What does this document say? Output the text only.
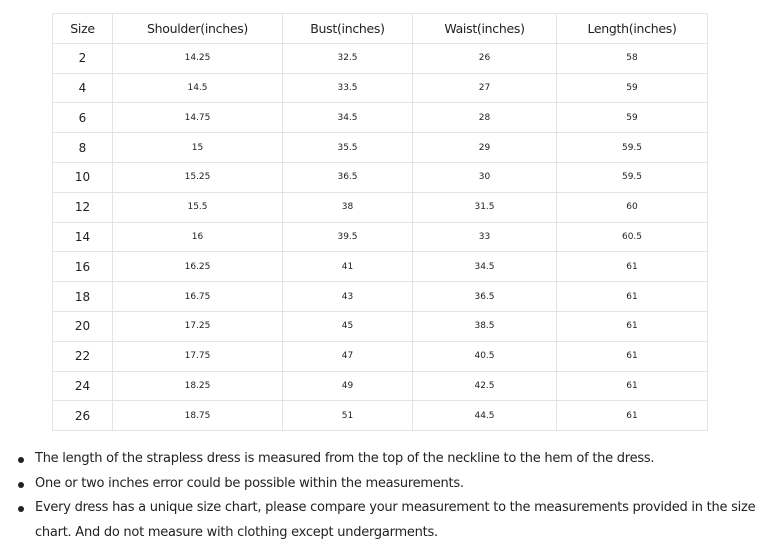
Size	Shoulder(inches)	Bust(inches)	Waist(inches)	Length(inches)
2	14.25	32.5	26	58
4	14.5	33.5	27	59
6	14.75	34.5	28	59
8	15	35.5	29	59.5
10	15.25	36.5	30	59.5
12	15.5	38	31.5	60
14	16	39.5	33	60.5
16	16.25	41	34.5	61
18	16.75	43	36.5	61
20	17.25	45	38.5	61
22	17.75	47	40.5	61
24	18.25	49	42.5	61
26	18.75	51	44.5	61
The length of the strapless dress is measured from the top of the neckline to the hem of the dress.
One or two inches error could be possible within the measurements.
Every dress has a unique size chart, please compare your measurement to the measurements provided in the size chart. And do not measure with clothing except undergarments.
